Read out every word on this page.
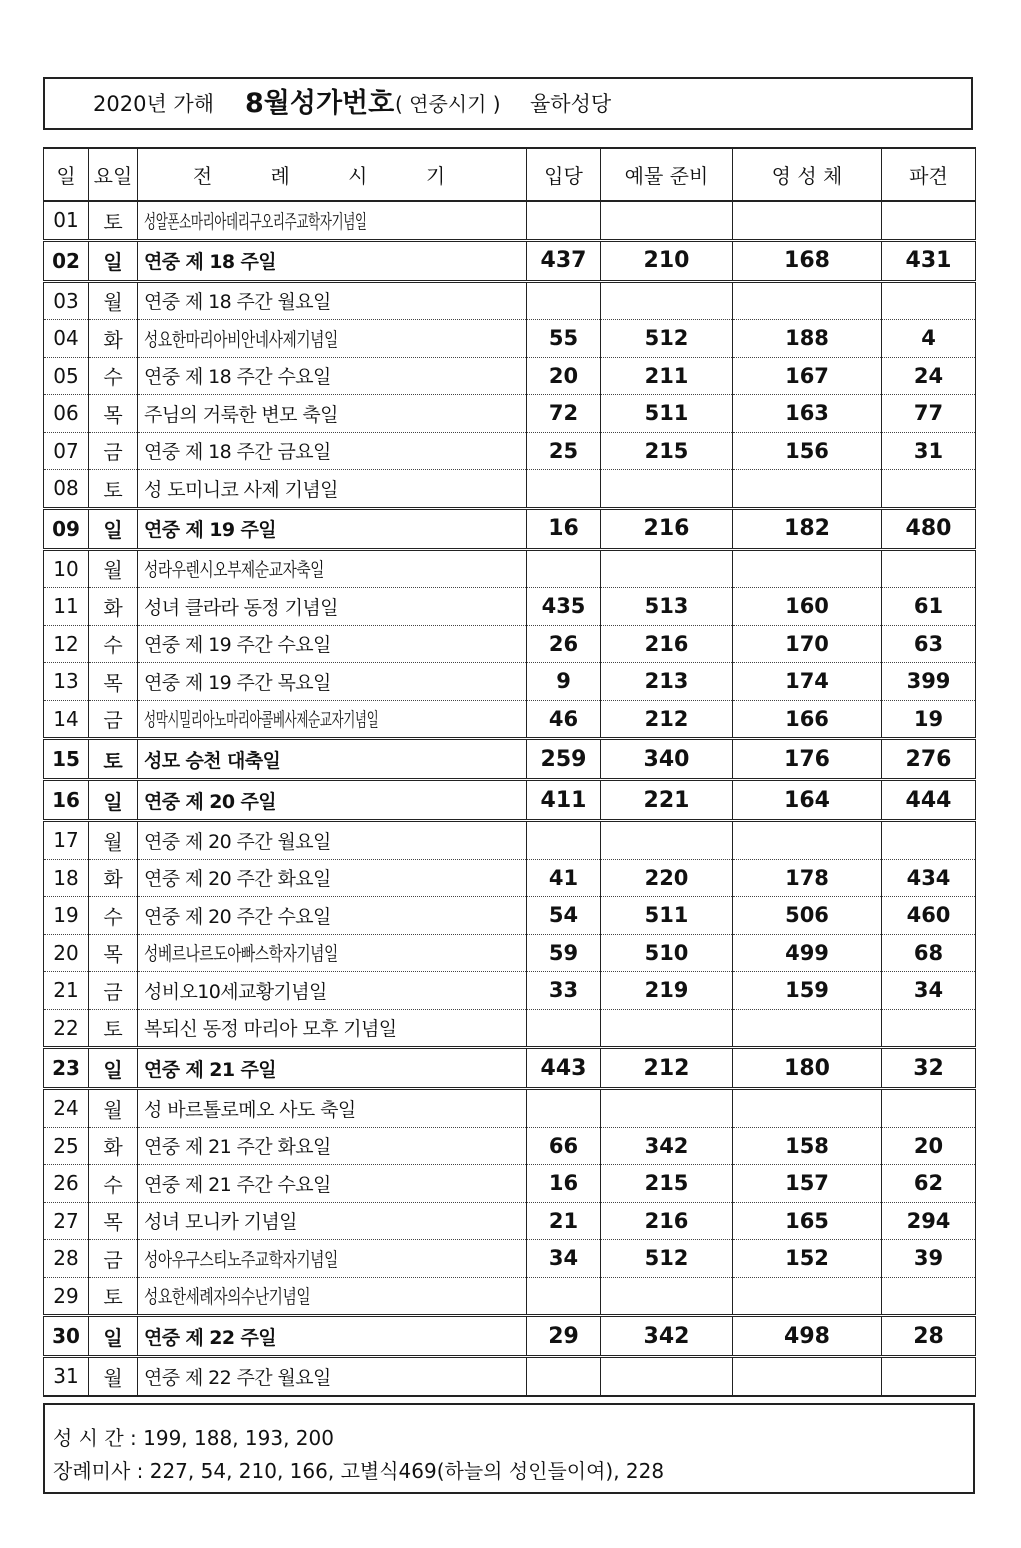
2020년 가해 8월성가번호 ( 연중시기 ) 율하성당
일	요일	전 례 시 기	입당	예물 준비	영 성 체	파견
01	토	성알폰소마리아데리구오리주교학자기념일				
02	일	연중 제 18 주일	437	210	168	431
03	월	연중 제 18 주간 월요일				
04	화	성요한마리아비안네사제기념일	55	512	188	4
05	수	연중 제 18 주간 수요일	20	211	167	24
06	목	주님의 거룩한 변모 축일	72	511	163	77
07	금	연중 제 18 주간 금요일	25	215	156	31
08	토	성 도미니코 사제 기념일				
09	일	연중 제 19 주일	16	216	182	480
10	월	성라우렌시오부제순교자축일				
11	화	성녀 클라라 동정 기념일	435	513	160	61
12	수	연중 제 19 주간 수요일	26	216	170	63
13	목	연중 제 19 주간 목요일	9	213	174	399
14	금	성막시밀리아노마리아콜베사제순교자기념일	46	212	166	19
15	토	성모 승천 대축일	259	340	176	276
16	일	연중 제 20 주일	411	221	164	444
17	월	연중 제 20 주간 월요일				
18	화	연중 제 20 주간 화요일	41	220	178	434
19	수	연중 제 20 주간 수요일	54	511	506	460
20	목	성베르나르도아빠스학자기념일	59	510	499	68
21	금	성비오10세교황기념일	33	219	159	34
22	토	복되신 동정 마리아 모후 기념일				
23	일	연중 제 21 주일	443	212	180	32
24	월	성 바르톨로메오 사도 축일				
25	화	연중 제 21 주간 화요일	66	342	158	20
26	수	연중 제 21 주간 수요일	16	215	157	62
27	목	성녀 모니카 기념일	21	216	165	294
28	금	성아우구스티노주교학자기념일	34	512	152	39
29	토	성요한세례자의수난기념일				
30	일	연중 제 22 주일	29	342	498	28
31	월	연중 제 22 주간 월요일				
성 시 간 : 199, 188, 193, 200
장례미사 : 227, 54, 210, 166, 고별식469(하늘의 성인들이여), 228
